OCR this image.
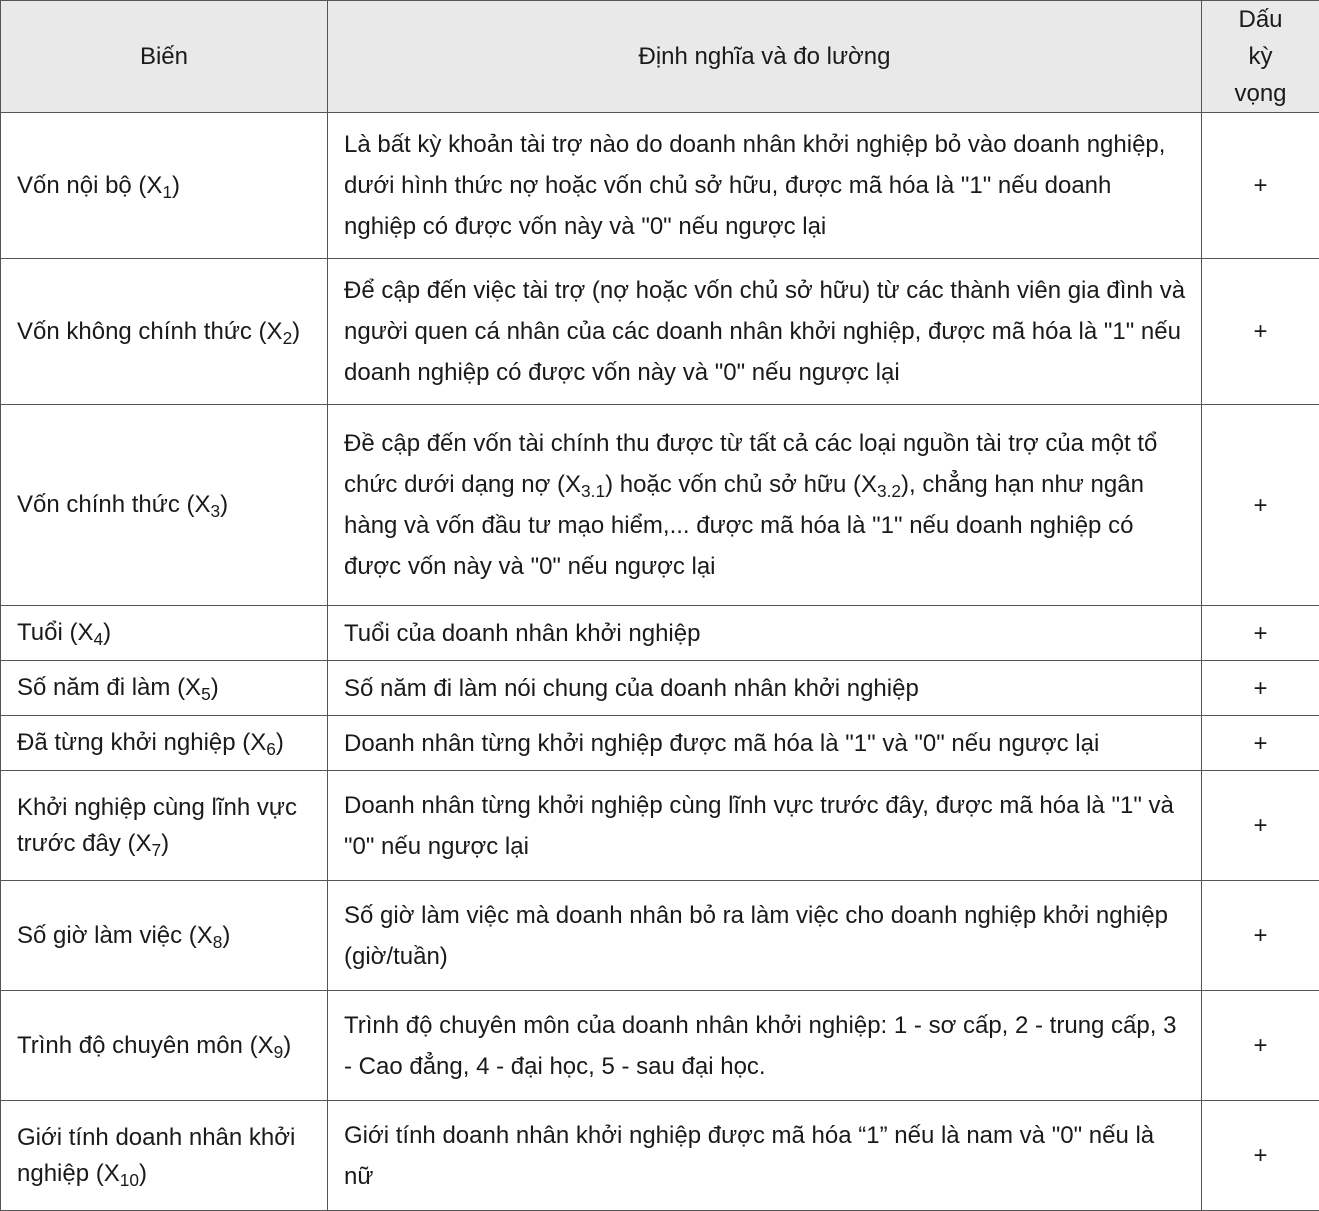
Biến	Định nghĩa và đo lường	Dấu kỳ vọng
Vốn nội bộ $(X_1)$	Là bất kỳ khoản tài trợ nào do doanh nhân khởi nghiệp bỏ vào doanh nghiệp, dưới hình thức nợ hoặc vốn chủ sở hữu, được mã hóa là "1" nếu doanh nghiệp có được vốn này và "0" nếu ngược lại	+
Vốn không chính thức $(X_2)$	Để cập đến việc tài trợ (nợ hoặc vốn chủ sở hữu) từ các thành viên gia đình và người quen cá nhân của các doanh nhân khởi nghiệp, được mã hóa là "1" nếu doanh nghiệp có được vốn này và "0" nếu ngược lại	+
Vốn chính thức $(X_3)$	Đề cập đến vốn tài chính thu được từ tất cả các loại nguồn tài trợ của một tổ chức dưới dạng nợ $(X_{3.1})$ hoặc vốn chủ sở hữu $(X_{3.2})$, chẳng hạn như ngân hàng và vốn đầu tư mạo hiểm,... được mã hóa là "1" nếu doanh nghiệp có được vốn này và "0" nếu ngược lại	+
Tuổi $(X_4)$	Tuổi của doanh nhân khởi nghiệp	+
Số năm đi làm $(X_5)$	Số năm đi làm nói chung của doanh nhân khởi nghiệp	+
Đã từng khởi nghiệp $(X_6)$	Doanh nhân từng khởi nghiệp được mã hóa là "1" và "0" nếu ngược lại	+
Khởi nghiệp cùng lĩnh vực trước đây $(X_7)$	Doanh nhân từng khởi nghiệp cùng lĩnh vực trước đây, được mã hóa là "1" và "0" nếu ngược lại	+
Số giờ làm việc $(X_8)$	Số giờ làm việc mà doanh nhân bỏ ra làm việc cho doanh nghiệp khởi nghiệp (giờ/tuần)	+
Trình độ chuyên môn $(X_9)$	Trình độ chuyên môn của doanh nhân khởi nghiệp: 1 - sơ cấp, 2 - trung cấp, 3 - Cao đẳng, 4 - đại học, 5 - sau đại học.	+
Giới tính doanh nhân khởi nghiệp $(X_{10})$	Giới tính doanh nhân khởi nghiệp được mã hóa “1” nếu là nam và "0" nếu là nữ	+
